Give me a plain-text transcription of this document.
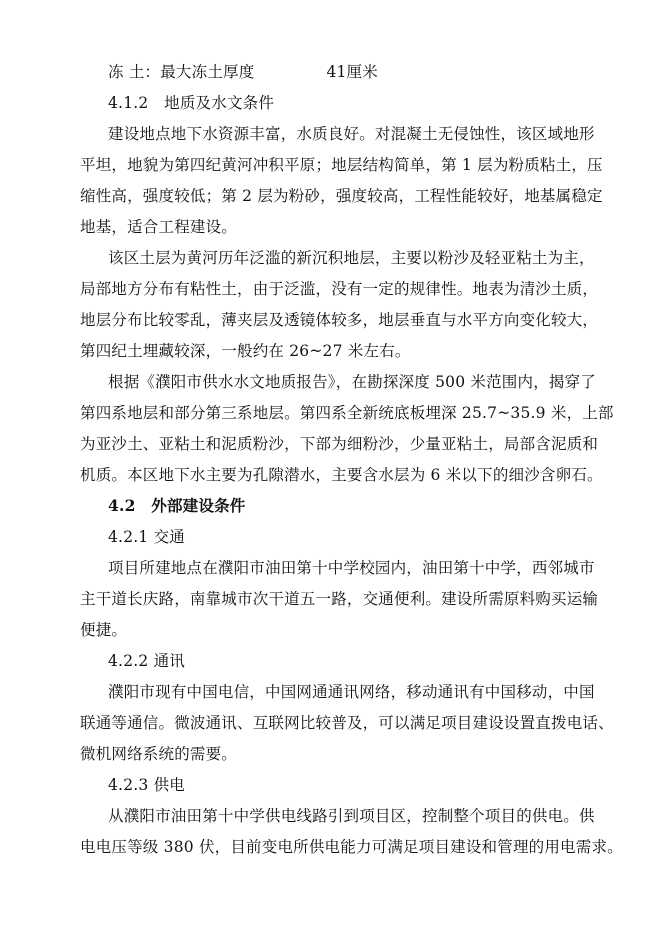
冻 土：最大冻土厚度	41厘米
4.1.2　地质及水文条件
建设地点地下水资源丰富，水质良好。对混凝土无侵蚀性，该区域地形
平坦，地貌为第四纪黄河冲积平原；地层结构简单，第 1 层为粉质粘土，压
缩性高，强度较低；第 2 层为粉砂，强度较高，工程性能较好，地基属稳定
地基，适合工程建设。
该区土层为黄河历年泛滥的新沉积地层，主要以粉沙及轻亚粘土为主，
局部地方分布有粘性土，由于泛滥，没有一定的规律性。地表为清沙土质，
地层分布比较零乱，薄夹层及透镜体较多，地层垂直与水平方向变化较大，
第四纪土埋藏较深，一般约在 26~27 米左右。
根据《濮阳市供水水文地质报告》，在勘探深度 500 米范围内，揭穿了
第四系地层和部分第三系地层。第四系全新统底板埋深 25.7~35.9 米，上部
为亚沙土、亚粘土和泥质粉沙，下部为细粉沙，少量亚粘土，局部含泥质和
机质。本区地下水主要为孔隙潜水，主要含水层为 6 米以下的细沙含卵石。
4.2　外部建设条件
4.2.1 交通
项目所建地点在濮阳市油田第十中学校园内，油田第十中学，西邻城市
主干道长庆路，南靠城市次干道五一路，交通便利。建设所需原料购买运输
便捷。
4.2.2 通讯
濮阳市现有中国电信，中国网通通讯网络，移动通讯有中国移动，中国
联通等通信。微波通讯、互联网比较普及，可以满足项目建设设置直拨电话、
微机网络系统的需要。
4.2.3 供电
从濮阳市油田第十中学供电线路引到项目区，控制整个项目的供电。供
电电压等级 380 伏，目前变电所供电能力可满足项目建设和管理的用电需求。
